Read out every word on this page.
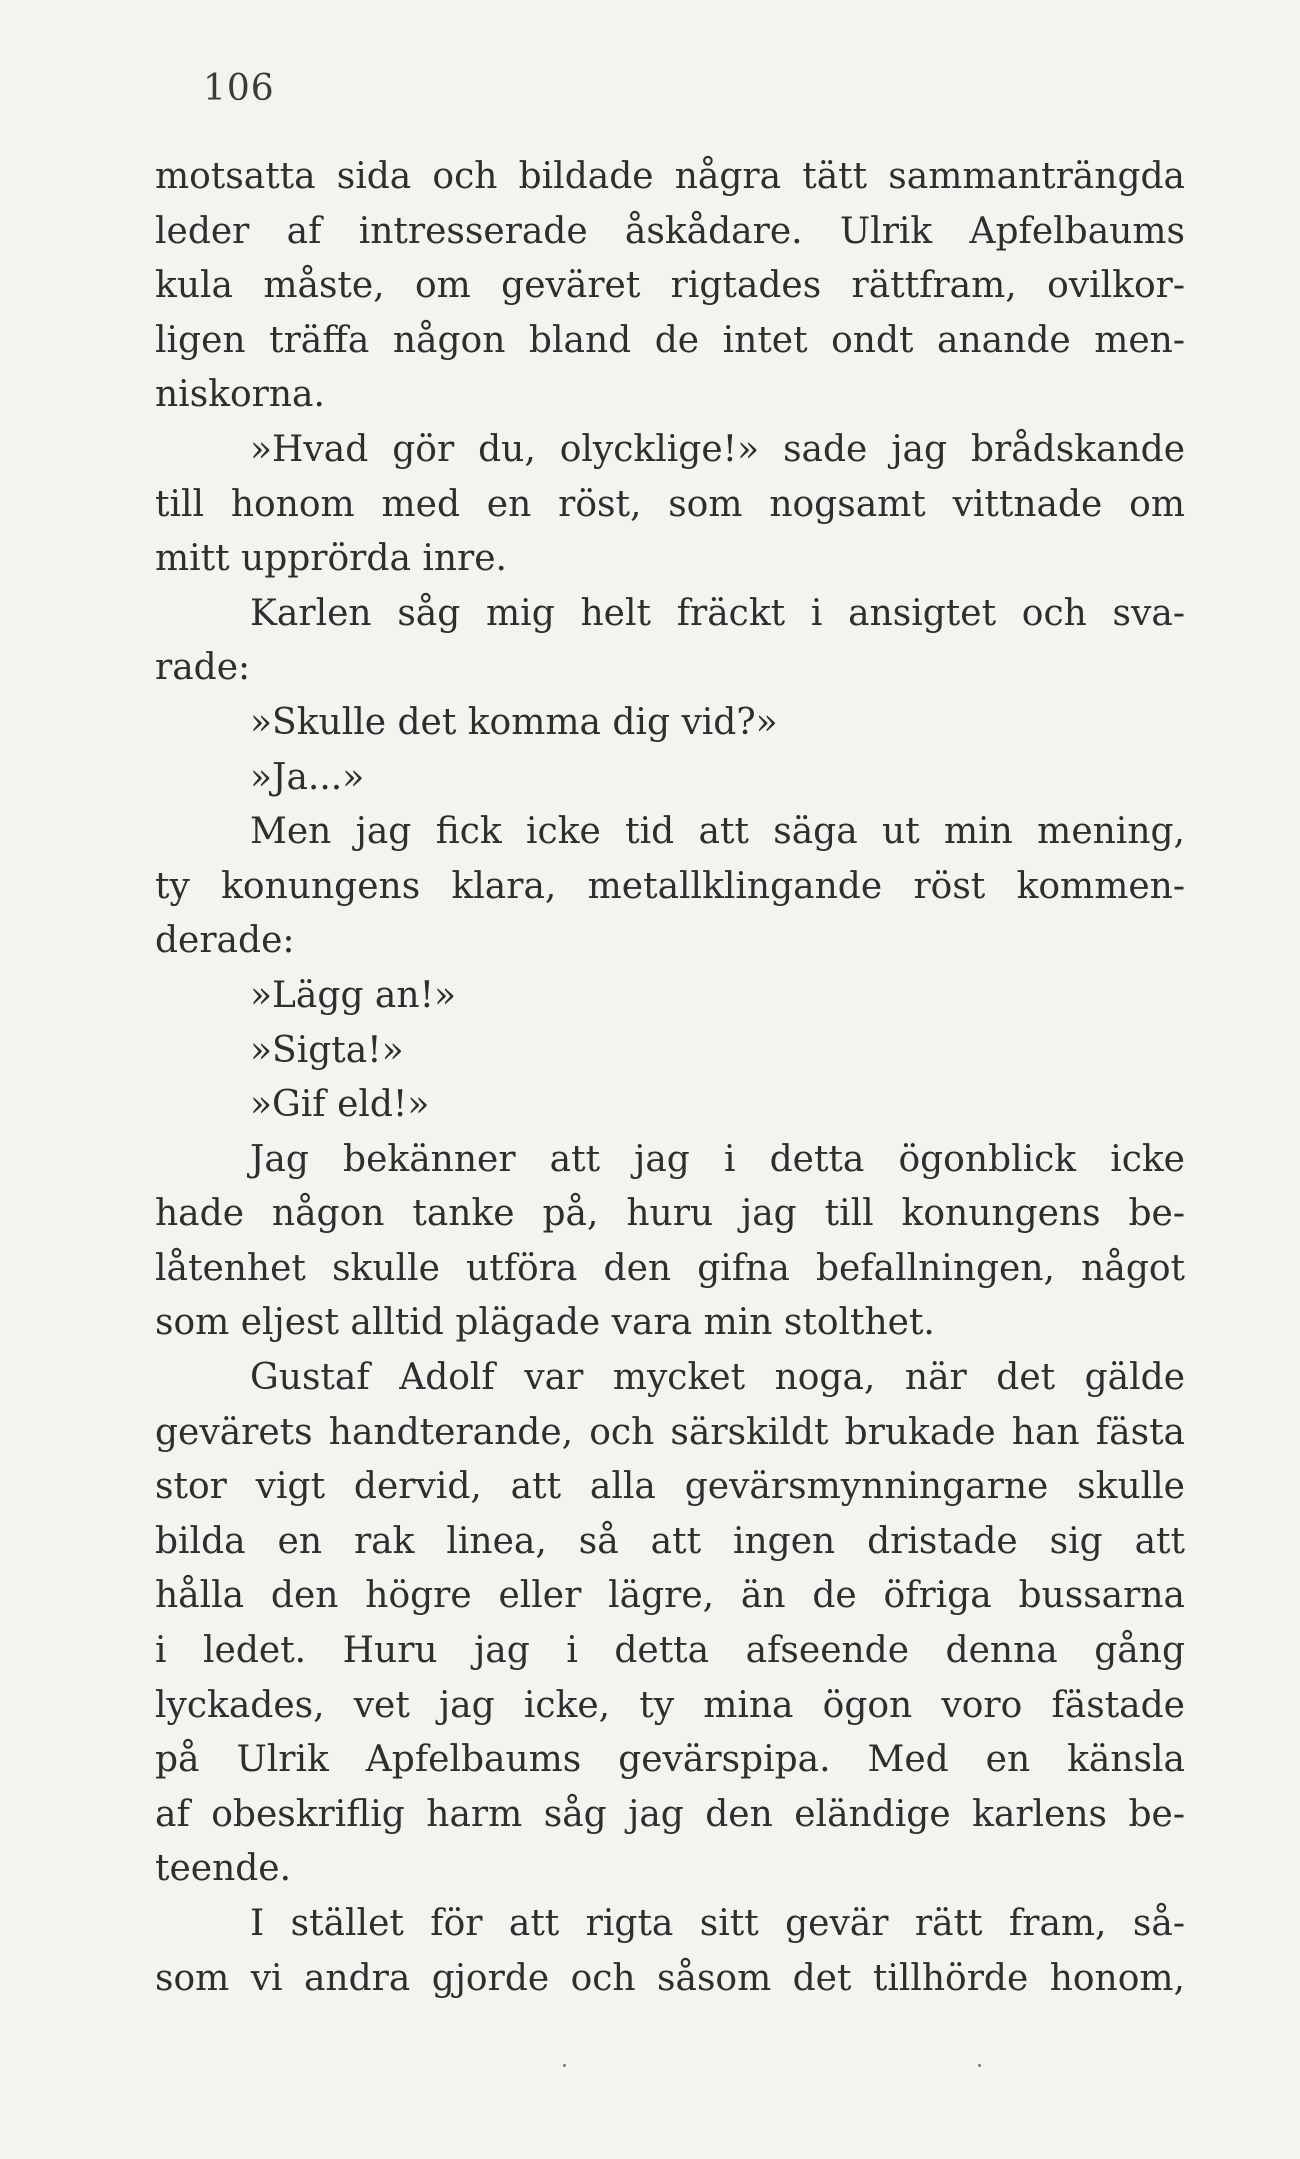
106
motsatta sida och bildade några tätt sammanträngda
leder af intresserade åskådare. Ulrik Apfelbaums
kula måste, om geväret rigtades rättfram, ovilkor-
ligen träffa någon bland de intet ondt anande men-
niskorna.
»Hvad gör du, olycklige!» sade jag brådskande
till honom med en röst, som nogsamt vittnade om
mitt upprörda inre.
Karlen såg mig helt fräckt i ansigtet och sva-
rade:
»Skulle det komma dig vid?»
»Ja...»
Men jag fick icke tid att säga ut min mening,
ty konungens klara, metallklingande röst kommen-
derade:
»Lägg an!»
»Sigta!»
»Gif eld!»
Jag bekänner att jag i detta ögonblick icke
hade någon tanke på, huru jag till konungens be-
låtenhet skulle utföra den gifna befallningen, något
som eljest alltid plägade vara min stolthet.
Gustaf Adolf var mycket noga, när det gälde
gevärets handterande, och särskildt brukade han fästa
stor vigt dervid, att alla gevärsmynningarne skulle
bilda en rak linea, så att ingen dristade sig att
hålla den högre eller lägre, än de öfriga bussarna
i ledet. Huru jag i detta afseende denna gång
lyckades, vet jag icke, ty mina ögon voro fästade
på Ulrik Apfelbaums gevärspipa. Med en känsla
af obeskriflig harm såg jag den eländige karlens be-
teende.
I stället för att rigta sitt gevär rätt fram, så-
som vi andra gjorde och såsom det tillhörde honom,
